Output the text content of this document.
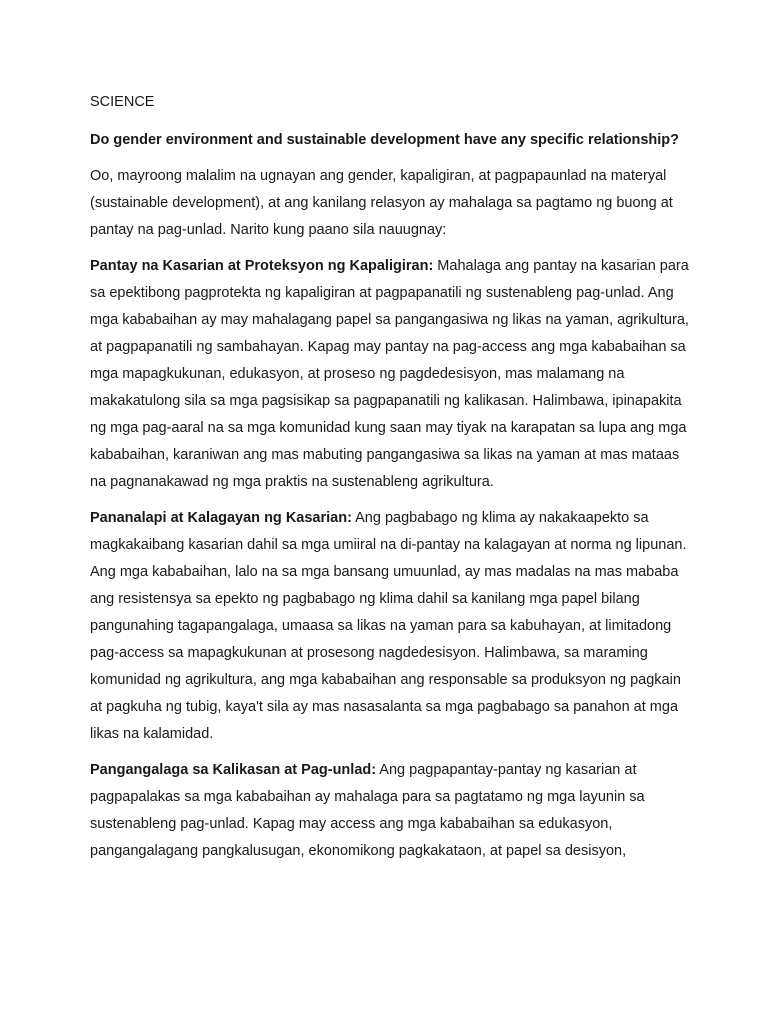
SCIENCE
Do gender environment and sustainable development have any specific relationship?
Oo, mayroong malalim na ugnayan ang gender, kapaligiran, at pagpapaunlad na materyal (sustainable development), at ang kanilang relasyon ay mahalaga sa pagtamo ng buong at pantay na pag-unlad. Narito kung paano sila nauugnay:
Pantay na Kasarian at Proteksyon ng Kapaligiran: Mahalaga ang pantay na kasarian para sa epektibong pagprotekta ng kapaligiran at pagpapanatili ng sustenableng pag-unlad. Ang mga kababaihan ay may mahalagang papel sa pangangasiwa ng likas na yaman, agrikultura, at pagpapanatili ng sambahayan. Kapag may pantay na pag-access ang mga kababaihan sa mga mapagkukunan, edukasyon, at proseso ng pagdedesisyon, mas malamang na makakatulong sila sa mga pagsisikap sa pagpapanatili ng kalikasan. Halimbawa, ipinapakita ng mga pag-aaral na sa mga komunidad kung saan may tiyak na karapatan sa lupa ang mga kababaihan, karaniwan ang mas mabuting pangangasiwa sa likas na yaman at mas mataas na pagnanakawad ng mga praktis na sustenableng agrikultura.
Pananalapi at Kalagayan ng Kasarian: Ang pagbabago ng klima ay nakakaapekto sa magkakaibang kasarian dahil sa mga umiiral na di-pantay na kalagayan at norma ng lipunan. Ang mga kababaihan, lalo na sa mga bansang umuunlad, ay mas madalas na mas mababa ang resistensya sa epekto ng pagbabago ng klima dahil sa kanilang mga papel bilang pangunahing tagapangalaga, umaasa sa likas na yaman para sa kabuhayan, at limitadong pag-access sa mapagkukunan at prosesong nagdedesisyon. Halimbawa, sa maraming komunidad ng agrikultura, ang mga kababaihan ang responsable sa produksyon ng pagkain at pagkuha ng tubig, kaya't sila ay mas nasasalanta sa mga pagbabago sa panahon at mga likas na kalamidad.
Pangangalaga sa Kalikasan at Pag-unlad: Ang pagpapantay-pantay ng kasarian at pagpapalakas sa mga kababaihan ay mahalaga para sa pagtatamo ng mga layunin sa sustenableng pag-unlad. Kapag may access ang mga kababaihan sa edukasyon, pangangalagang pangkalusugan, ekonomikong pagkakataon, at papel sa desisyon,
